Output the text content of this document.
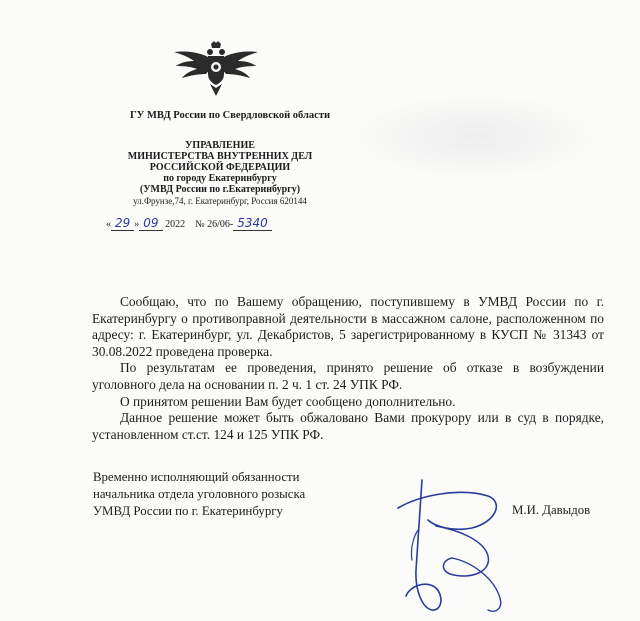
ГУ МВД России по Свердловской области
УПРАВЛЕНИЕ
МИНИСТЕРСТВА ВНУТРЕННИХ ДЕЛ
РОССИЙСКОЙ ФЕДЕРАЦИИ
по городу Екатеринбургу
(УМВД России по г.Екатеринбургу)
ул.Фрунзе,74, г. Екатеринбург, Россия 620144
« 29 » 09 2022 № 26/06- 5340

Сообщаю, что по Вашему обращению, поступившему в УМВД России по г. Екатеринбургу о противоправной деятельности в массажном салоне, расположенном по адресу: г. Екатеринбург, ул. Декабристов, 5 зарегистрированному в КУСП № 31343 от 30.08.2022 проведена проверка.

По результатам ее проведения, принято решение об отказе в возбуждении уголовного дела на основании п. 2 ч. 1 ст. 24 УПК РФ.

О принятом решении Вам будет сообщено дополнительно.

Данное решение может быть обжаловано Вами прокурору или в суд в порядке, установленном ст.ст. 124 и 125 УПК РФ.

Временно исполняющий обязанности
начальника отдела уголовного розыска
УМВД России по г. Екатеринбургу	М.И. Давыдов
